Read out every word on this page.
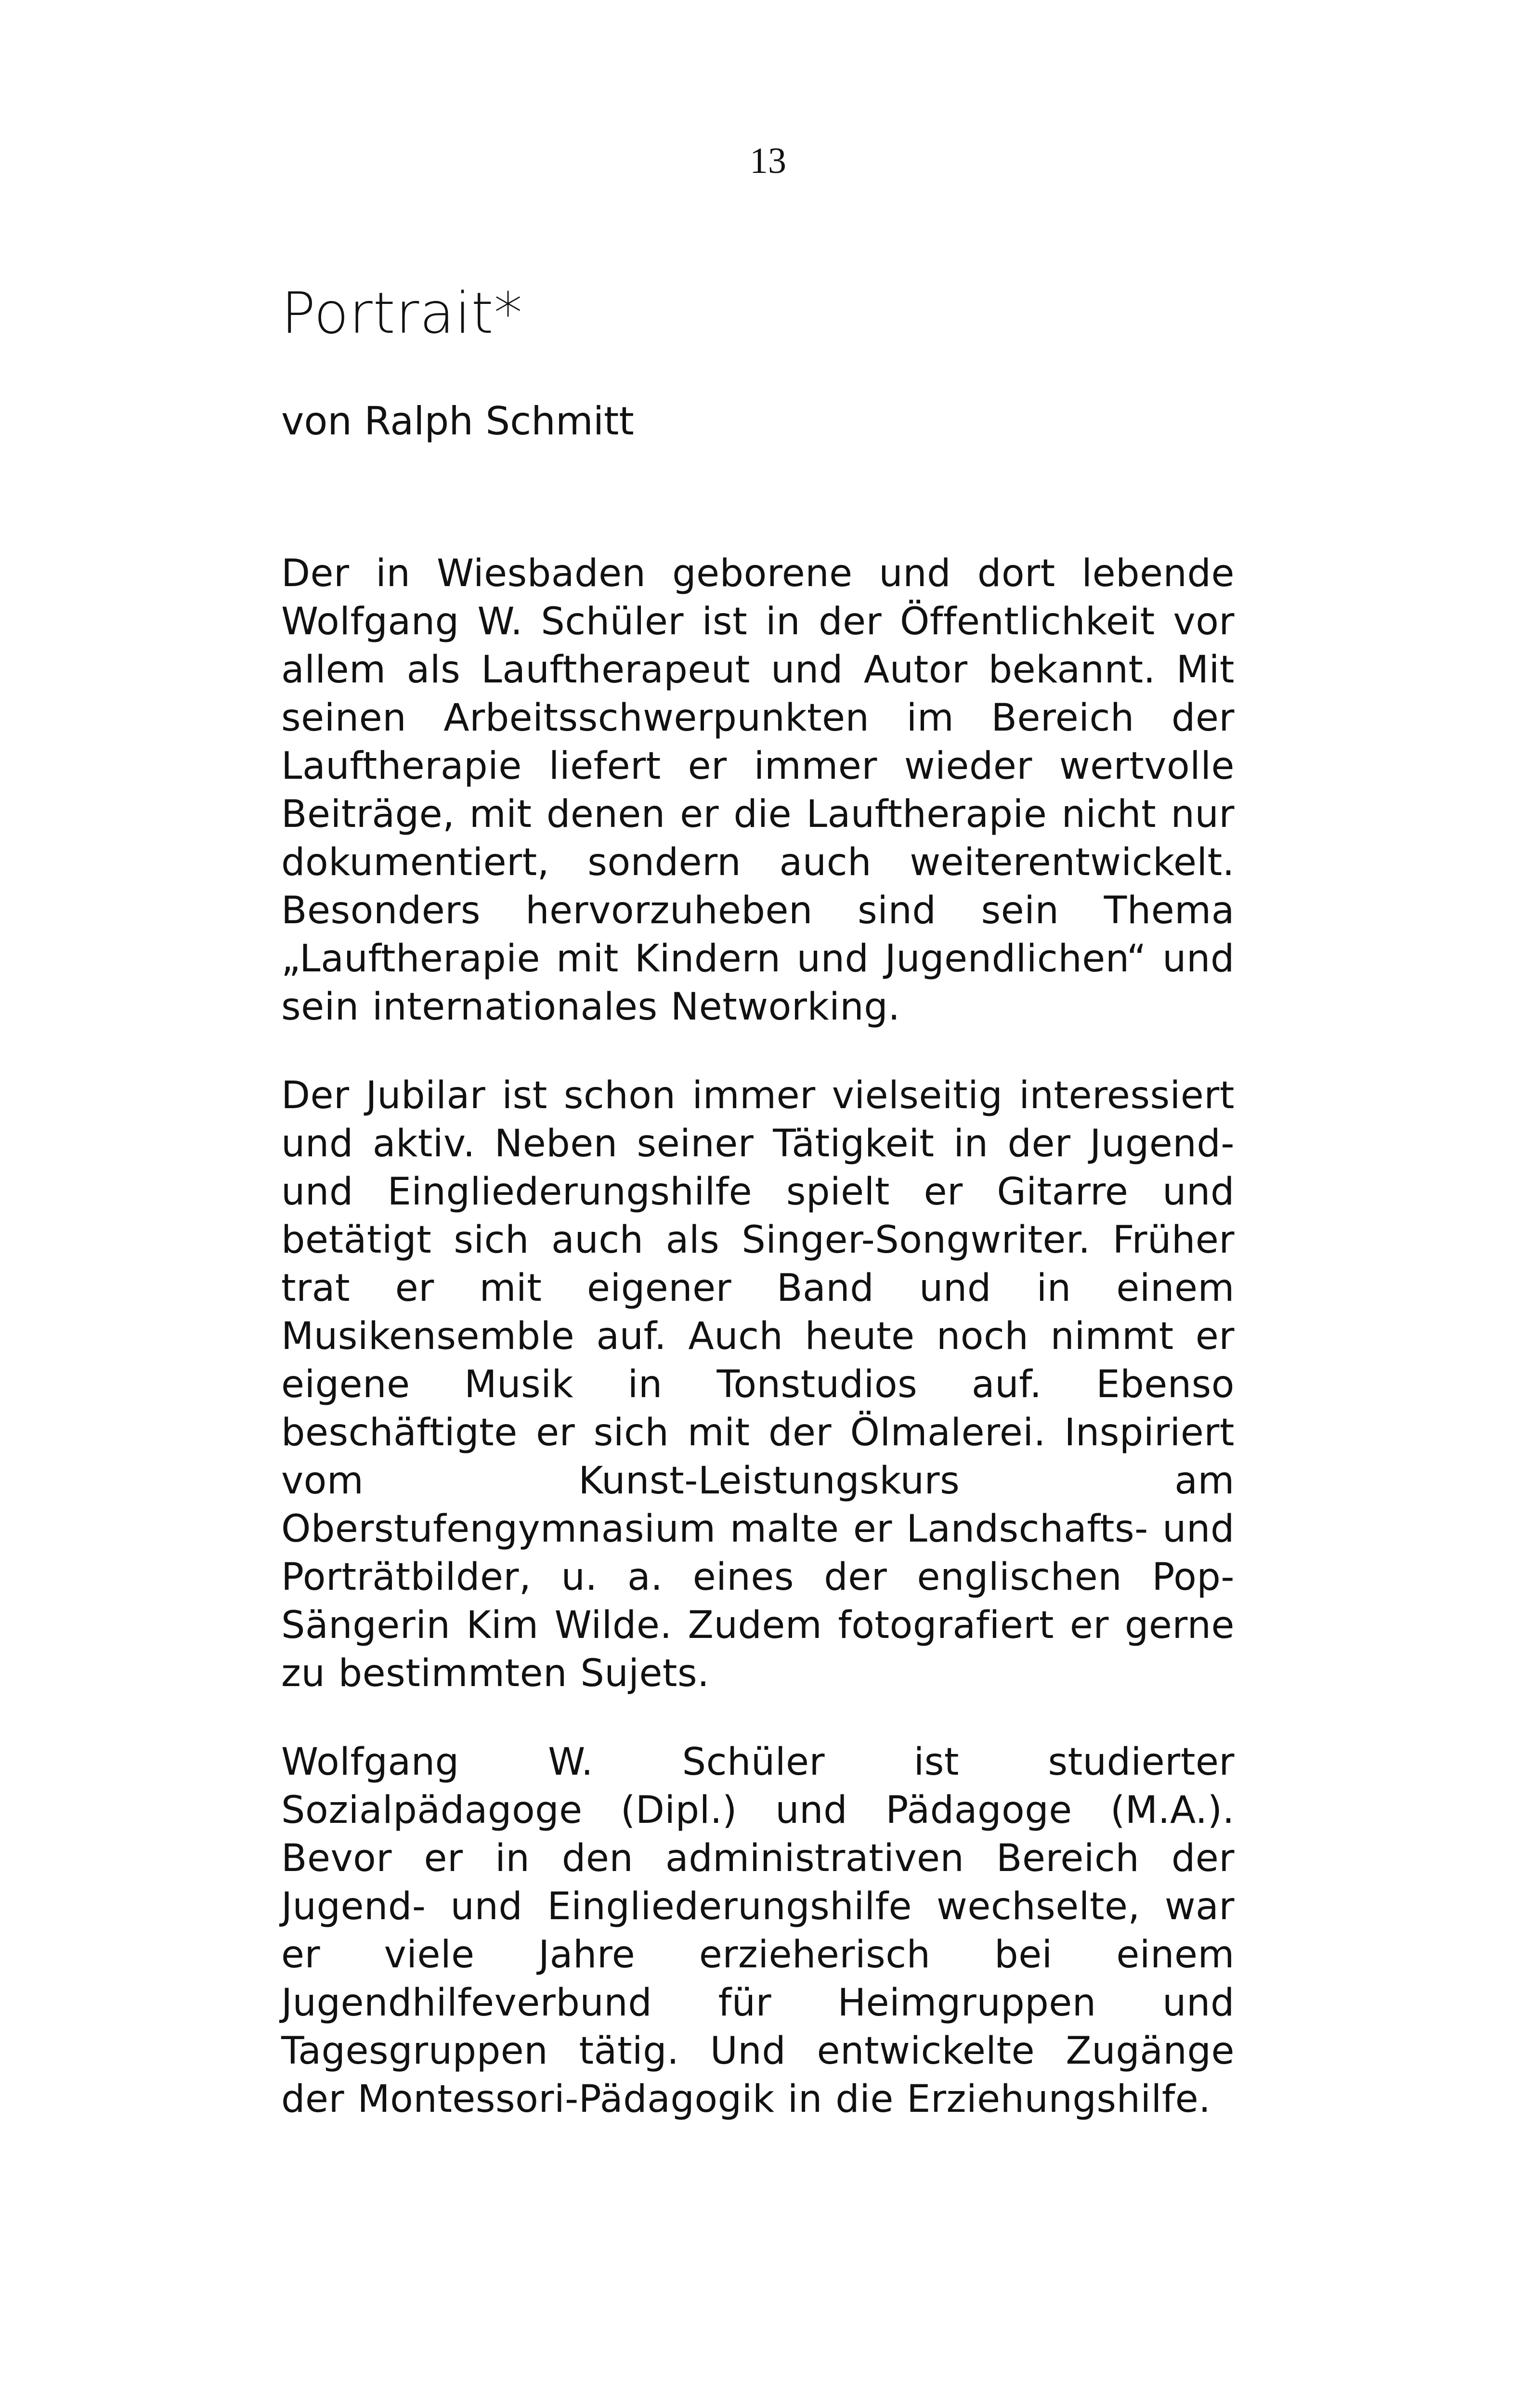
13
Portrait*

von Ralph Schmitt

Der in Wiesbaden geborene und dort lebende Wolfgang W. Schüler ist in der Öffentlichkeit vor allem als Lauftherapeut und Autor bekannt. Mit seinen Arbeitsschwerpunkten im Bereich der Lauftherapie liefert er immer wieder wertvolle Beiträge, mit denen er die Lauftherapie nicht nur dokumentiert, sondern auch weiterentwickelt. Besonders hervorzuheben sind sein Thema „Lauftherapie mit Kindern und Jugendlichen“ und sein internationales Networking.

Der Jubilar ist schon immer vielseitig interessiert und aktiv. Neben seiner Tätigkeit in der Jugend- und Eingliederungshilfe spielt er Gitarre und betätigt sich auch als Singer-Songwriter. Früher trat er mit eigener Band und in einem Musikensemble auf. Auch heute noch nimmt er eigene Musik in Tonstudios auf. Ebenso beschäftigte er sich mit der Ölmalerei. Inspiriert vom Kunst-Leistungskurs am Oberstufengymnasium malte er Landschafts- und Porträtbilder, u. a. eines der englischen Pop-Sängerin Kim Wilde. Zudem fotografiert er gerne zu bestimmten Sujets.

Wolfgang W. Schüler ist studierter Sozialpädagoge (Dipl.) und Pädagoge (M.A.). Bevor er in den administrativen Bereich der Jugend- und Eingliederungshilfe wechselte, war er viele Jahre erzieherisch bei einem Jugendhilfeverbund für Heimgruppen und Tagesgruppen tätig. Und entwickelte Zugänge der Montessori-Pädagogik in die Erziehungshilfe.
